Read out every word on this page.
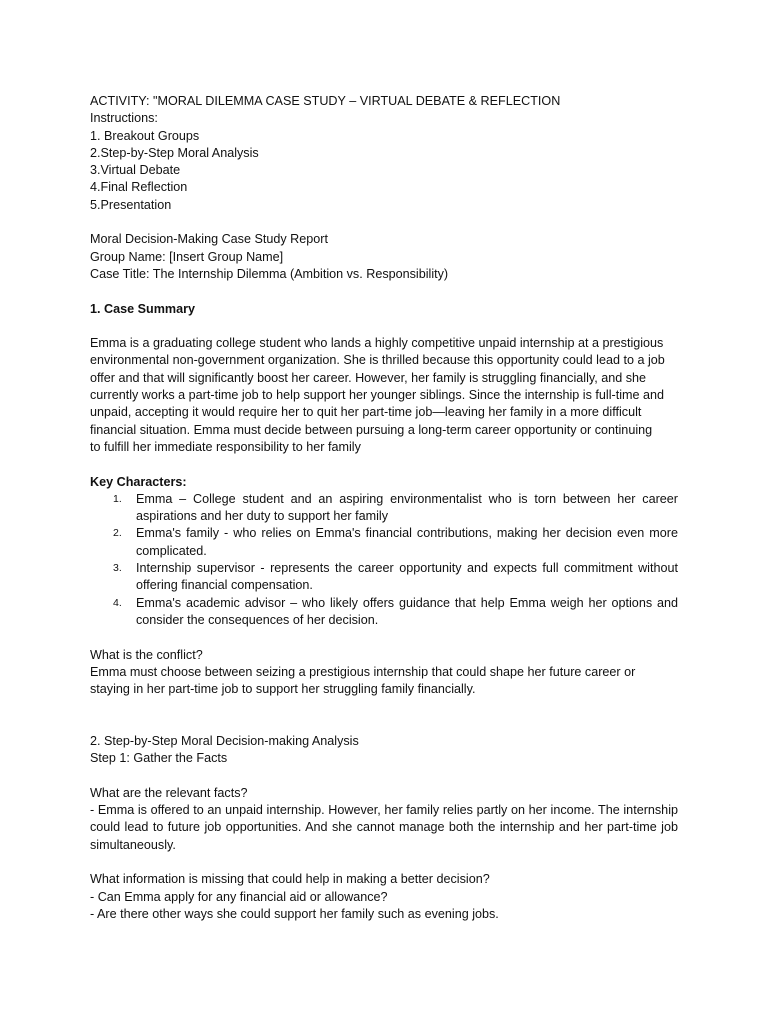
ACTIVITY: "MORAL DILEMMA CASE STUDY – VIRTUAL DEBATE & REFLECTION
Instructions:
1. Breakout Groups
2.Step-by-Step Moral Analysis
3.Virtual Debate
4.Final Reflection
5.Presentation
Moral Decision-Making Case Study Report
Group Name: [Insert Group Name]
Case Title: The Internship Dilemma (Ambition vs. Responsibility)
1. Case Summary
Emma is a graduating college student who lands a highly competitive unpaid internship at a prestigious
environmental non-government organization. She is thrilled because this opportunity could lead to a job
offer and that will significantly boost her career. However, her family is struggling financially, and she
currently works a part-time job to help support her younger siblings. Since the internship is full-time and
unpaid, accepting it would require her to quit her part-time job—leaving her family in a more difficult
financial situation. Emma must decide between pursuing a long-term career opportunity or continuing
to fulfill her immediate responsibility to her family
Key Characters:
1. Emma – College student and an aspiring environmentalist who is torn between her career aspirations and her duty to support her family
2. Emma's family - who relies on Emma's financial contributions, making her decision even more complicated.
3. Internship supervisor - represents the career opportunity and expects full commitment without offering financial compensation.
4. Emma's academic advisor – who likely offers guidance that help Emma weigh her options and consider the consequences of her decision.
What is the conflict?
Emma must choose between seizing a prestigious internship that could shape her future career or
staying in her part-time job to support her struggling family financially.
2. Step-by-Step Moral Decision-making Analysis
Step 1: Gather the Facts
What are the relevant facts?
- Emma is offered to an unpaid internship. However, her family relies partly on her income. The internship could lead to future job opportunities. And she cannot manage both the internship and her part-time job simultaneously.
What information is missing that could help in making a better decision?
- Can Emma apply for any financial aid or allowance?
- Are there other ways she could support her family such as evening jobs.
